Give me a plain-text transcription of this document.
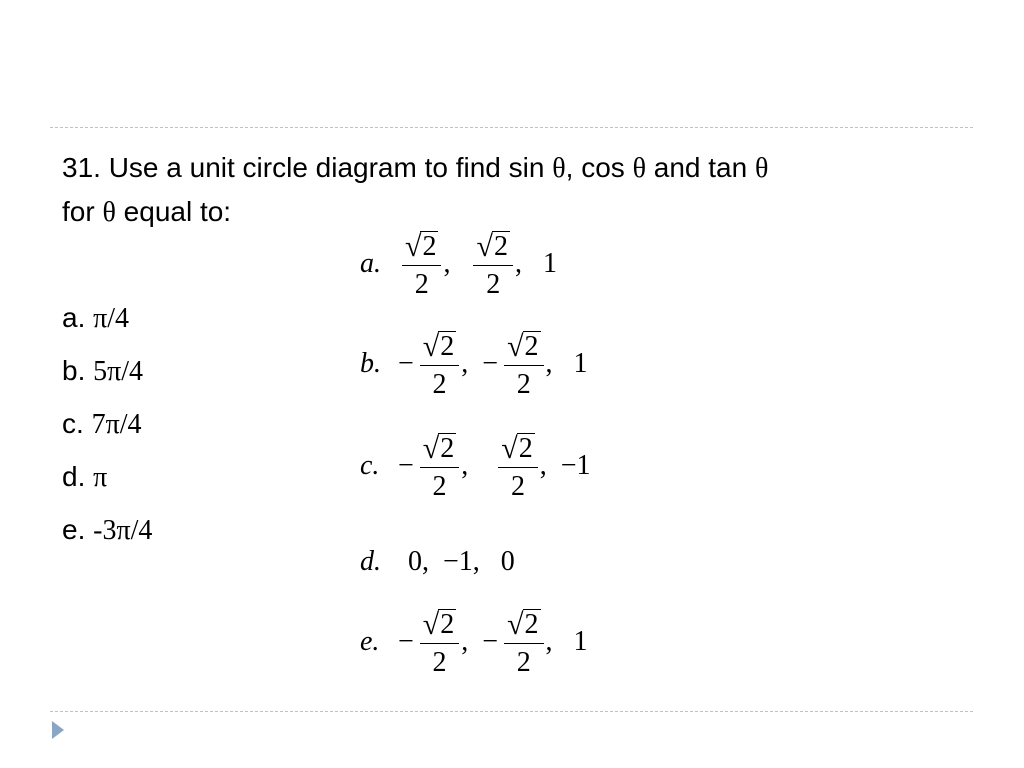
31. Use a unit circle diagram to find sin θ, cos θ and tan θ
for θ equal to:
a. π/4
b. 5π/4
c. 7π/4
d. π
e. -3π/4
a. $\frac{√ 2}{2}$ , $\frac{√ 2}{2}$ , 1
b. − $\frac{√ 2}{2}$ , − $\frac{√ 2}{2}$ , 1
c. − $\frac{√ 2}{2}$ , $\frac{√ 2}{2}$ , −1
d. 0,  −1,   0
e. − $\frac{√ 2}{2}$ , − $\frac{√ 2}{2}$ , 1
